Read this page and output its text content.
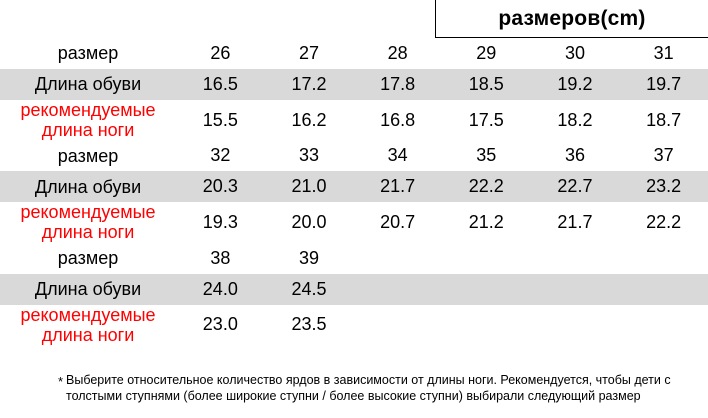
размеров(cm)
размер	26	27	28	29	30	31
Длина обуви	16.5	17.2	17.8	18.5	19.2	19.7
рекомендуемые
длина ноги	15.5	16.2	16.8	17.5	18.2	18.7
размер	32	33	34	35	36	37
Длина обуви	20.3	21.0	21.7	22.2	22.7	23.2
рекомендуемые
длина ноги	19.3	20.0	20.7	21.2	21.7	22.2
размер	38	39				
Длина обуви	24.0	24.5				
рекомендуемые
длина ноги	23.0	23.5				
* Выберите относительное количество ярдов в зависимости от длины ноги. Рекомендуется, чтобы дети с толстыми ступнями (более широкие ступни / более высокие ступни) выбирали следующий размер
